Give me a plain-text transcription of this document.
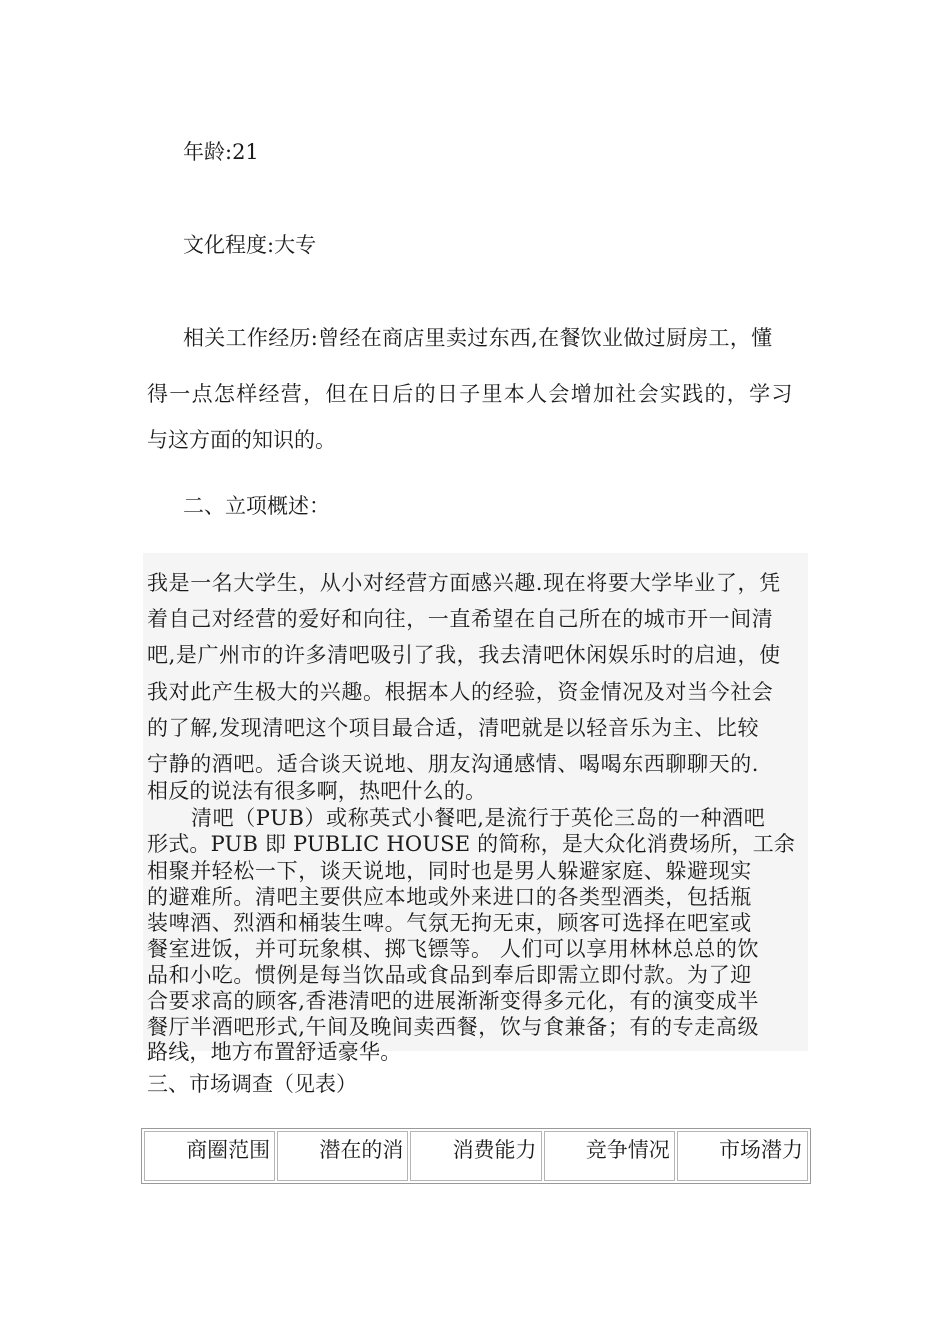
年龄:21
文化程度:大专
相关工作经历:曾经在商店里卖过东西,在餐饮业做过厨房工，懂
得一点怎样经营，但在日后的日子里本人会增加社会实践的，学习
与这方面的知识的。
二、立项概述：
我是一名大学生，从小对经营方面感兴趣.现在将要大学毕业了，凭
着自己对经营的爱好和向往，一直希望在自己所在的城市开一间清
吧,是广州市的许多清吧吸引了我，我去清吧休闲娱乐时的启迪，使
我对此产生极大的兴趣。根据本人的经验，资金情况及对当今社会
的了解,发现清吧这个项目最合适，清吧就是以轻音乐为主、比较
宁静的酒吧。适合谈天说地、朋友沟通感情、喝喝东西聊聊天的.
相反的说法有很多啊，热吧什么的。
清吧（PUB）或称英式小餐吧,是流行于英伦三岛的一种酒吧
形式。PUB 即 PUBLIC HOUSE 的简称，是大众化消费场所，工余
相聚并轻松一下，谈天说地，同时也是男人躲避家庭、躲避现实
的避难所。清吧主要供应本地或外来进口的各类型酒类，包括瓶
装啤酒、烈酒和桶装生啤。气氛无拘无束，顾客可选择在吧室或
餐室进饭，并可玩象棋、掷飞镖等。 人们可以享用林林总总的饮
品和小吃。惯例是每当饮品或食品到奉后即需立即付款。为了迎
合要求高的顾客,香港清吧的进展渐渐变得多元化，有的演变成半
餐厅半酒吧形式,午间及晚间卖西餐，饮与食兼备；有的专走高级
路线，地方布置舒适豪华。
三、市场调查（见表）
商圈范围	潜在的消	消费能力	竞争情况	市场潜力
